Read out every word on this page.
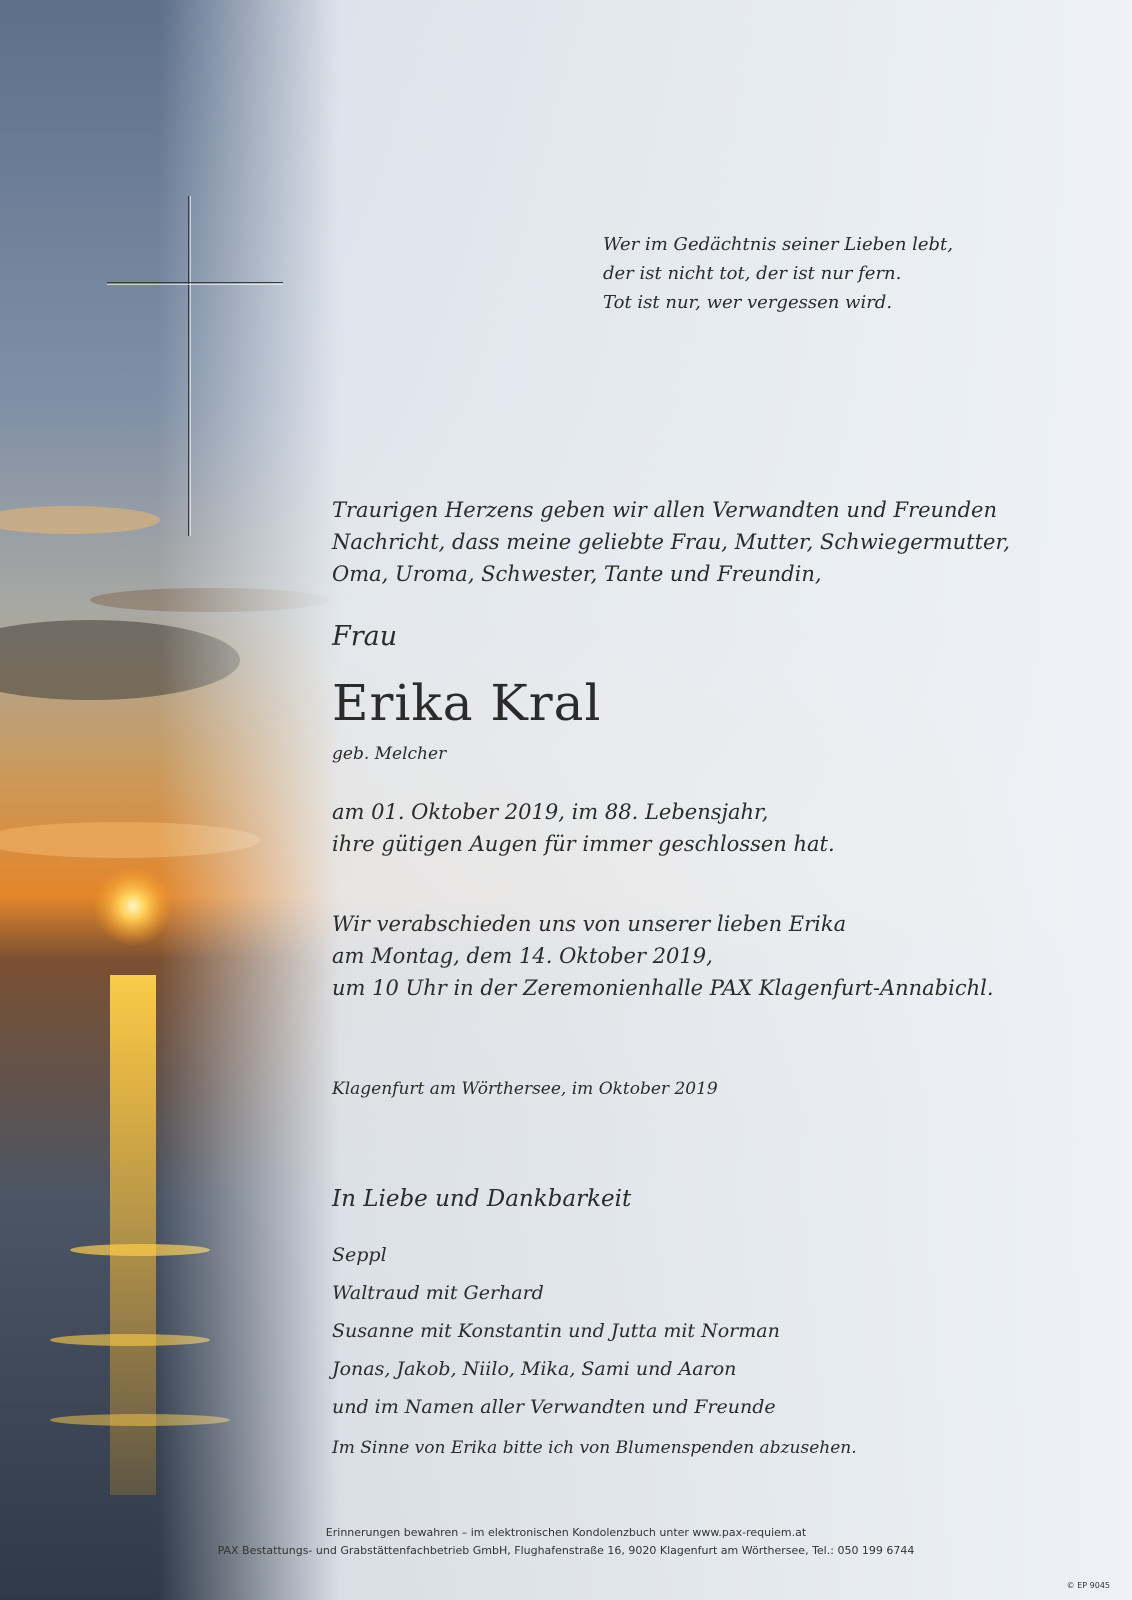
Wer im Gedächtnis seiner Lieben lebt,
der ist nicht tot, der ist nur fern.
Tot ist nur, wer vergessen wird.
Traurigen Herzens geben wir allen Verwandten und Freunden
Nachricht, dass meine geliebte Frau, Mutter, Schwiegermutter,
Oma, Uroma, Schwester, Tante und Freundin,
Frau
Erika Kral
geb. Melcher
am 01. Oktober 2019, im 88. Lebensjahr,
ihre gütigen Augen für immer geschlossen hat.
Wir verabschieden uns von unserer lieben Erika
am Montag, dem 14. Oktober 2019,
um 10 Uhr in der Zeremonienhalle PAX Klagenfurt-Annabichl.
Klagenfurt am Wörthersee, im Oktober 2019
In Liebe und Dankbarkeit
Seppl
Waltraud mit Gerhard
Susanne mit Konstantin und Jutta mit Norman
Jonas, Jakob, Niilo, Mika, Sami und Aaron
und im Namen aller Verwandten und Freunde
Im Sinne von Erika bitte ich von Blumenspenden abzusehen.
Erinnerungen bewahren – im elektronischen Kondolenzbuch unter www.pax-requiem.at
PAX Bestattungs- und Grabstättenfachbetrieb GmbH, Flughafenstraße 16, 9020 Klagenfurt am Wörthersee, Tel.: 050 199 6744
© EP 9045
